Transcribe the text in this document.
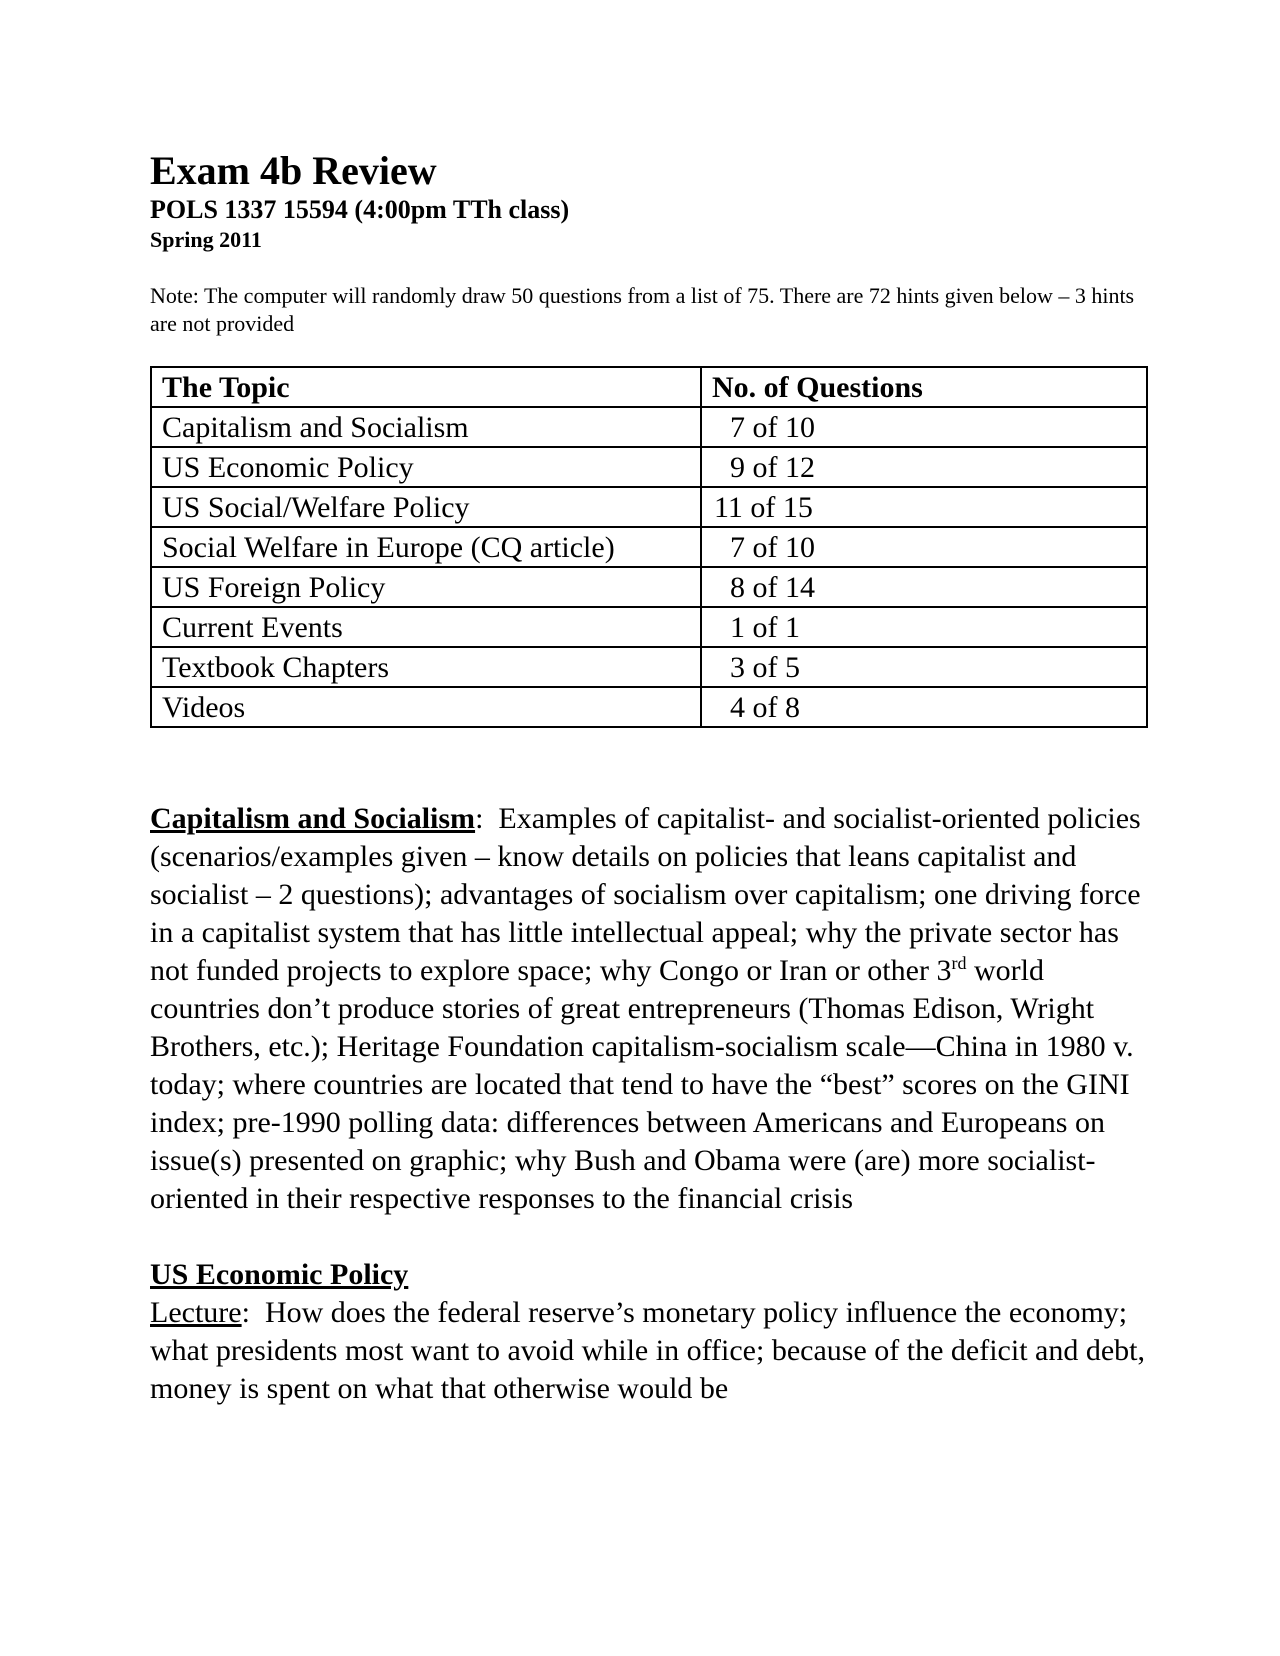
Exam 4b Review
POLS 1337 15594 (4:00pm TTh class)
Spring 2011

Note: The computer will randomly draw 50 questions from a list of 75. There are 72 hints given below – 3 hints are not provided

The Topic	No. of Questions
Capitalism and Socialism	7 of 10
US Economic Policy	9 of 12
US Social/Welfare Policy	11 of 15
Social Welfare in Europe (CQ article)	7 of 10
US Foreign Policy	8 of 14
Current Events	1 of 1
Textbook Chapters	3 of 5
Videos	4 of 8

Capitalism and Socialism:  Examples of capitalist- and socialist-oriented policies (scenarios/examples given – know details on policies that leans capitalist and socialist – 2 questions); advantages of socialism over capitalism; one driving force in a capitalist system that has little intellectual appeal; why the private sector has not funded projects to explore space; why Congo or Iran or other 3rd world countries don’t produce stories of great entrepreneurs (Thomas Edison, Wright Brothers, etc.); Heritage Foundation capitalism-socialism scale—China in 1980 v. today; where countries are located that tend to have the “best” scores on the GINI index; pre-1990 polling data: differences between Americans and Europeans on issue(s) presented on graphic; why Bush and Obama were (are) more socialist-oriented in their respective responses to the financial crisis

US Economic Policy
Lecture:  How does the federal reserve’s monetary policy influence the economy; what presidents most want to avoid while in office; because of the deficit and debt, money is spent on what that otherwise would be
